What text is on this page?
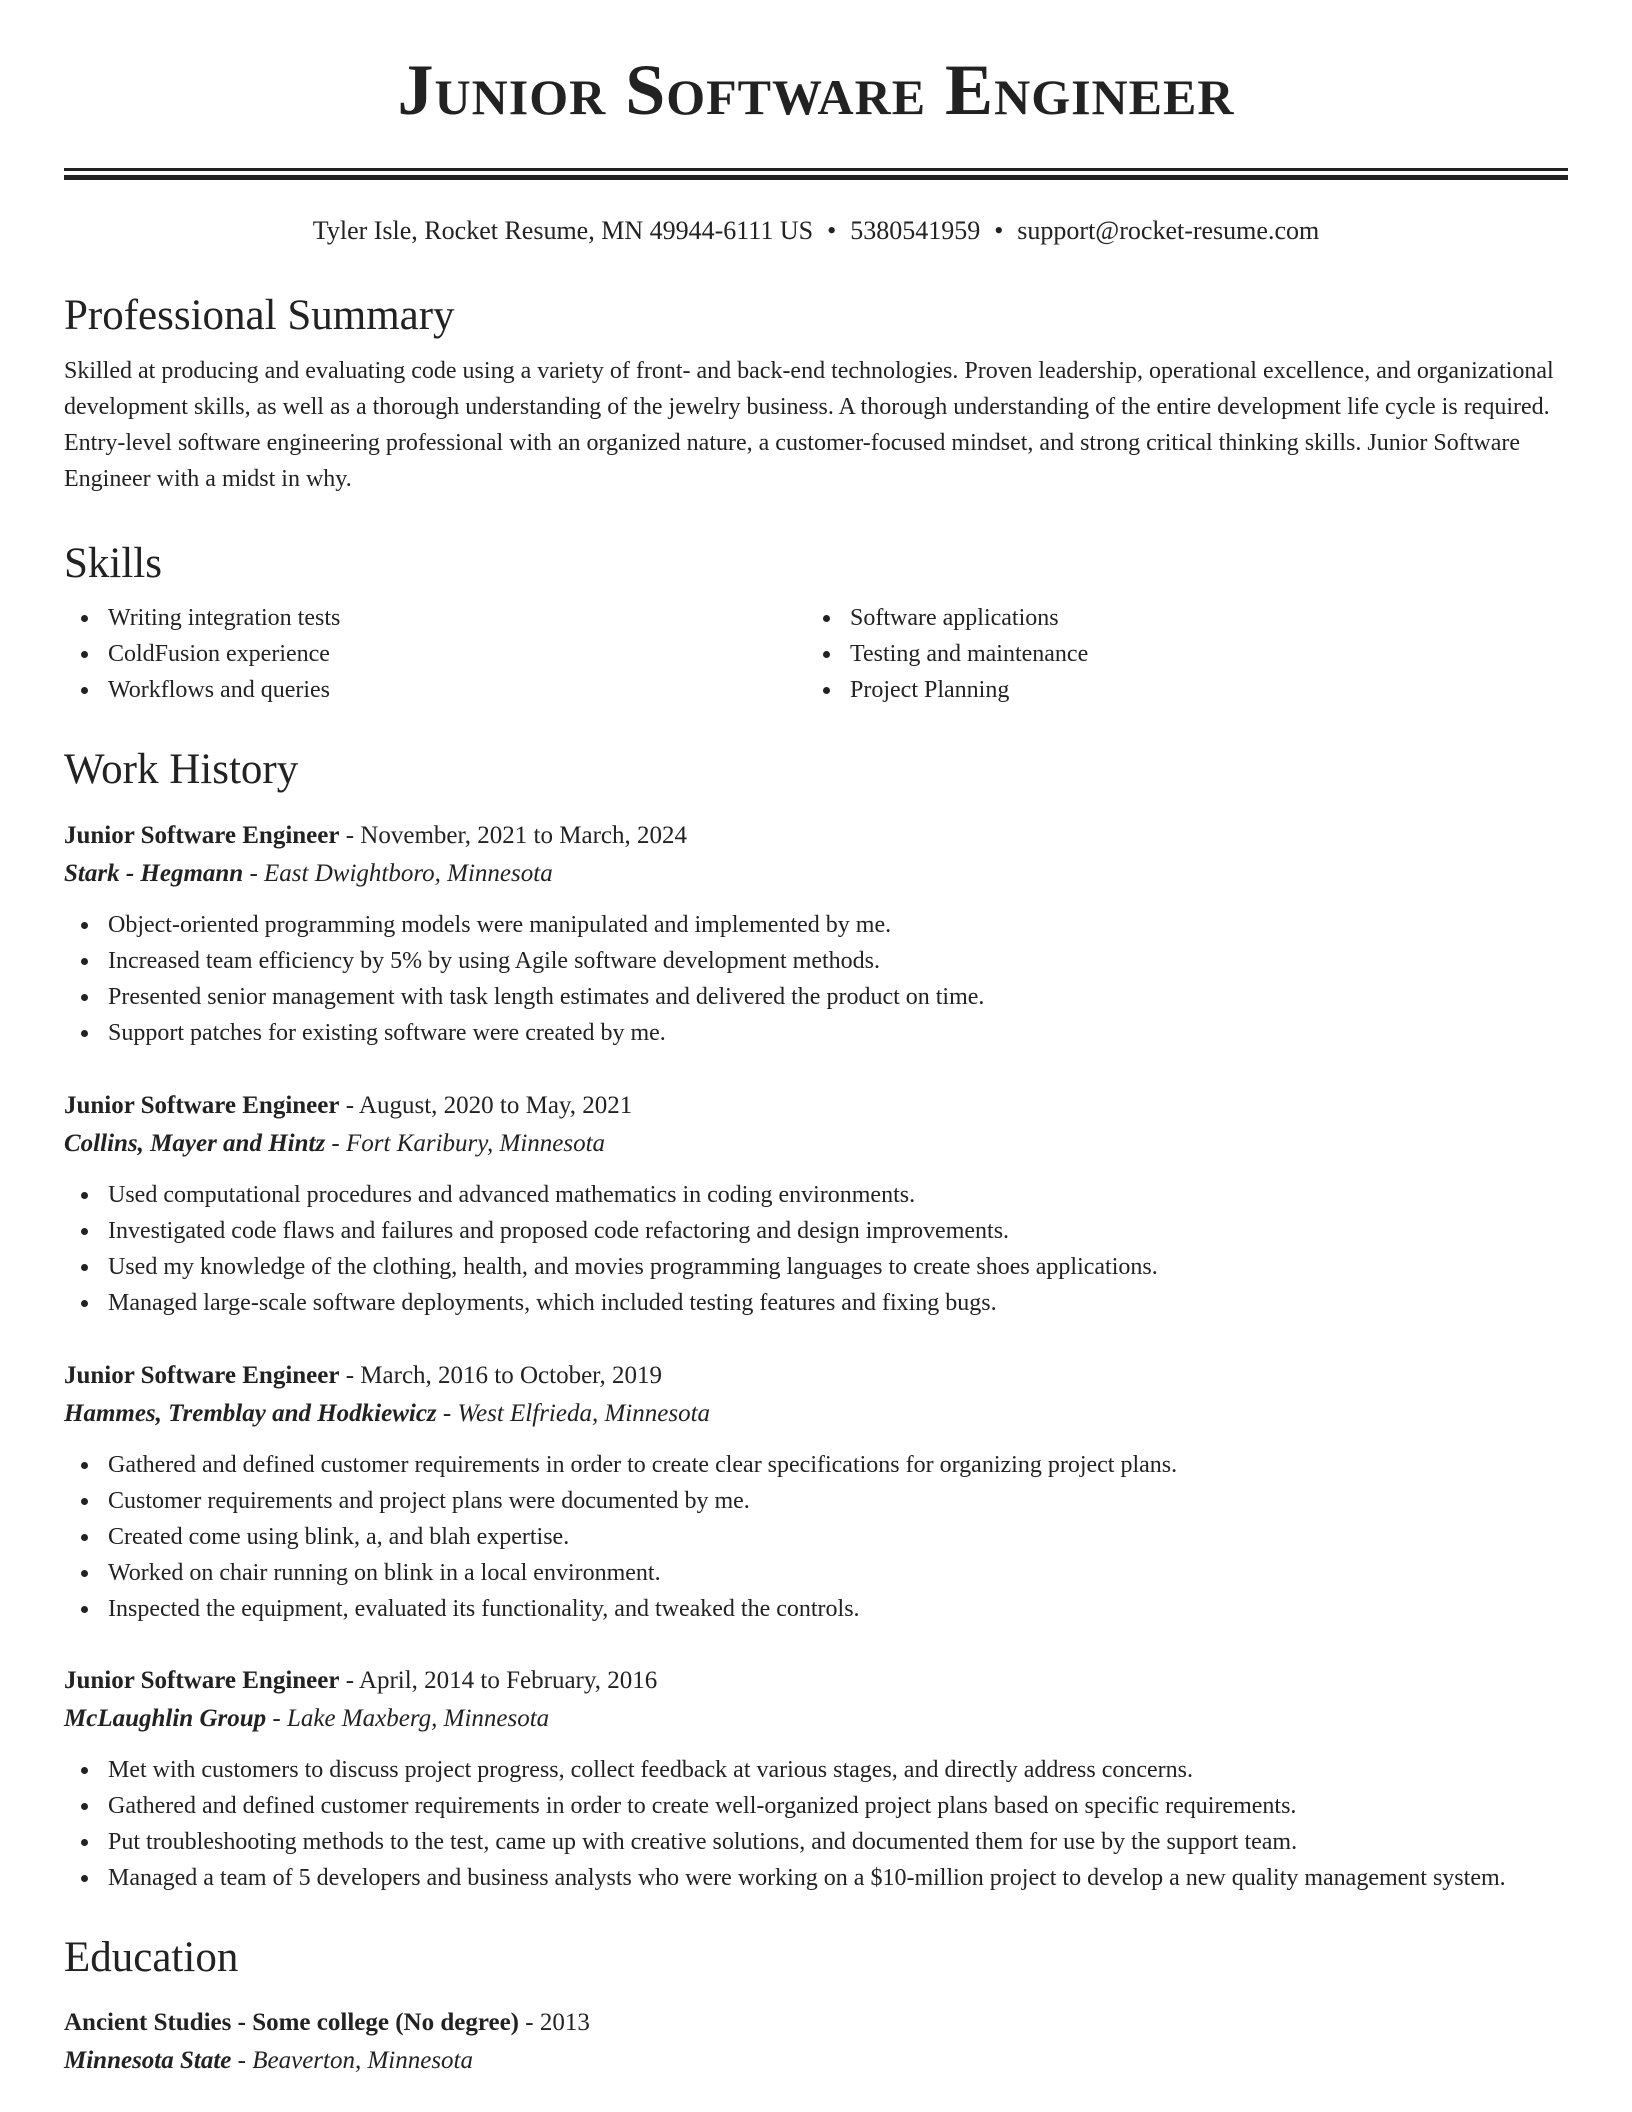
Junior Software Engineer
Tyler Isle, Rocket Resume, MN 49944-6111 US • 5380541959 • support@rocket-resume.com
Professional Summary

Skilled at producing and evaluating code using a variety of front- and back-end technologies. Proven leadership, operational excellence, and organizational development skills, as well as a thorough understanding of the jewelry business. A thorough understanding of the entire development life cycle is required. Entry-level software engineering professional with an organized nature, a customer-focused mindset, and strong critical thinking skills. Junior Software Engineer with a midst in why.

Skills
Writing integration tests
ColdFusion experience
Workflows and queries
Software applications
Testing and maintenance
Project Planning
Work History
Junior Software Engineer - November, 2021 to March, 2024
Stark - Hegmann - East Dwightboro, Minnesota
Object-oriented programming models were manipulated and implemented by me.
Increased team efficiency by 5% by using Agile software development methods.
Presented senior management with task length estimates and delivered the product on time.
Support patches for existing software were created by me.
Junior Software Engineer - August, 2020 to May, 2021
Collins, Mayer and Hintz - Fort Karibury, Minnesota
Used computational procedures and advanced mathematics in coding environments.
Investigated code flaws and failures and proposed code refactoring and design improvements.
Used my knowledge of the clothing, health, and movies programming languages to create shoes applications.
Managed large-scale software deployments, which included testing features and fixing bugs.
Junior Software Engineer - March, 2016 to October, 2019
Hammes, Tremblay and Hodkiewicz - West Elfrieda, Minnesota
Gathered and defined customer requirements in order to create clear specifications for organizing project plans.
Customer requirements and project plans were documented by me.
Created come using blink, a, and blah expertise.
Worked on chair running on blink in a local environment.
Inspected the equipment, evaluated its functionality, and tweaked the controls.
Junior Software Engineer - April, 2014 to February, 2016
McLaughlin Group - Lake Maxberg, Minnesota
Met with customers to discuss project progress, collect feedback at various stages, and directly address concerns.
Gathered and defined customer requirements in order to create well-organized project plans based on specific requirements.
Put troubleshooting methods to the test, came up with creative solutions, and documented them for use by the support team.
Managed a team of 5 developers and business analysts who were working on a $10-million project to develop a new quality management system.
Education
Ancient Studies - Some college (No degree) - 2013
Minnesota State - Beaverton, Minnesota
